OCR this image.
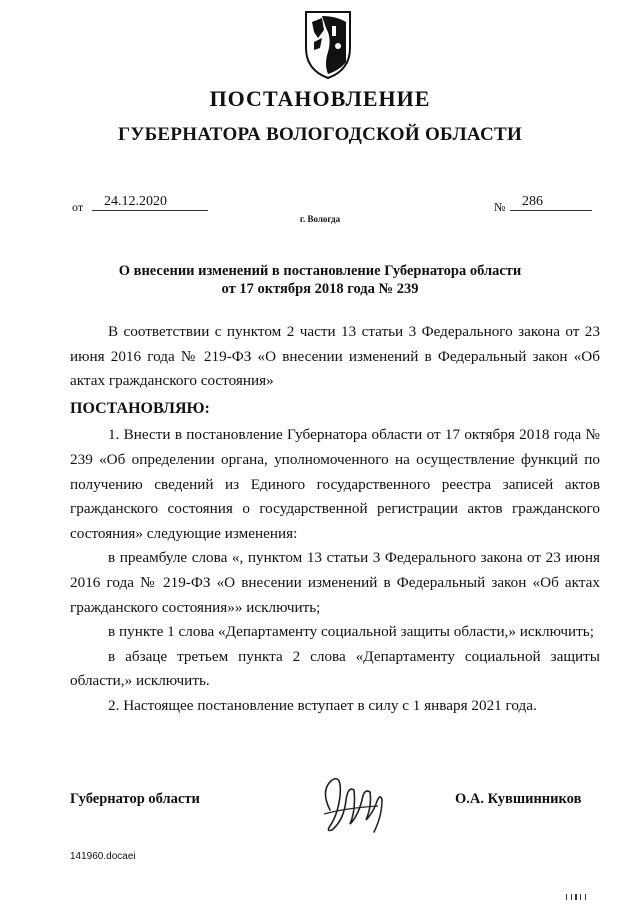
ПОСТАНОВЛЕНИЕ
ГУБЕРНАТОРА ВОЛОГОДСКОЙ ОБЛАСТИ
от 24.12.2020	№ 286
г. Вологда
О внесении изменений в постановление Губернатора области
от 17 октября 2018 года № 239

В соответствии с пунктом 2 части 13 статьи 3 Федерального закона от 23 июня 2016 года № 219-ФЗ «О внесении изменений в Федеральный закон «Об актах гражданского состояния»

ПОСТАНОВЛЯЮ:

1. Внести в постановление Губернатора области от 17 октября 2018 года № 239 «Об определении органа, уполномоченного на осуществление функций по получению сведений из Единого государственного реестра записей актов гражданского состояния о государственной регистрации актов гражданского состояния» следующие изменения:

в преамбуле слова «, пунктом 13 статьи 3 Федерального закона от 23 июня 2016 года № 219-ФЗ «О внесении изменений в Федеральный закон «Об актах гражданского состояния»» исключить;

в пункте 1 слова «Департаменту социальной защиты области,» исключить;

в абзаце третьем пункта 2 слова «Департаменту социальной защиты области,» исключить.

2. Настоящее постановление вступает в силу с 1 января 2021 года.

Губернатор области	О.А. Кувшинников
141960.docaei
